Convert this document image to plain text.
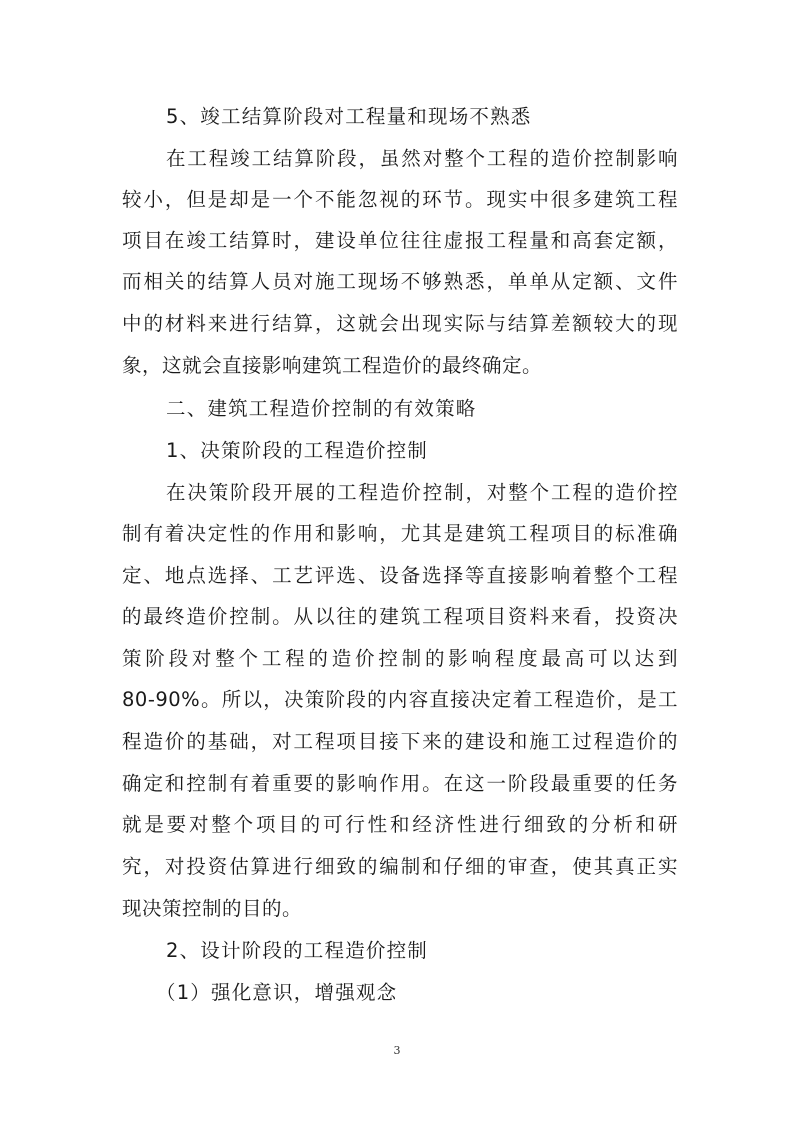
5、竣工结算阶段对工程量和现场不熟悉
在工程竣工结算阶段，虽然对整个工程的造价控制影响
较小，但是却是一个不能忽视的环节。现实中很多建筑工程
项目在竣工结算时，建设单位往往虚报工程量和高套定额，
而相关的结算人员对施工现场不够熟悉，单单从定额、文件
中的材料来进行结算，这就会出现实际与结算差额较大的现
象，这就会直接影响建筑工程造价的最终确定。
二、建筑工程造价控制的有效策略
1、决策阶段的工程造价控制
在决策阶段开展的工程造价控制，对整个工程的造价控
制有着决定性的作用和影响，尤其是建筑工程项目的标准确
定、地点选择、工艺评选、设备选择等直接影响着整个工程
的最终造价控制。从以往的建筑工程项目资料来看，投资决
策阶段对整个工程的造价控制的影响程度最高可以达到
80-90%。所以，决策阶段的内容直接决定着工程造价，是工
程造价的基础，对工程项目接下来的建设和施工过程造价的
确定和控制有着重要的影响作用。在这一阶段最重要的任务
就是要对整个项目的可行性和经济性进行细致的分析和研
究，对投资估算进行细致的编制和仔细的审查，使其真正实
现决策控制的目的。
2、设计阶段的工程造价控制
（1）强化意识，增强观念
3
